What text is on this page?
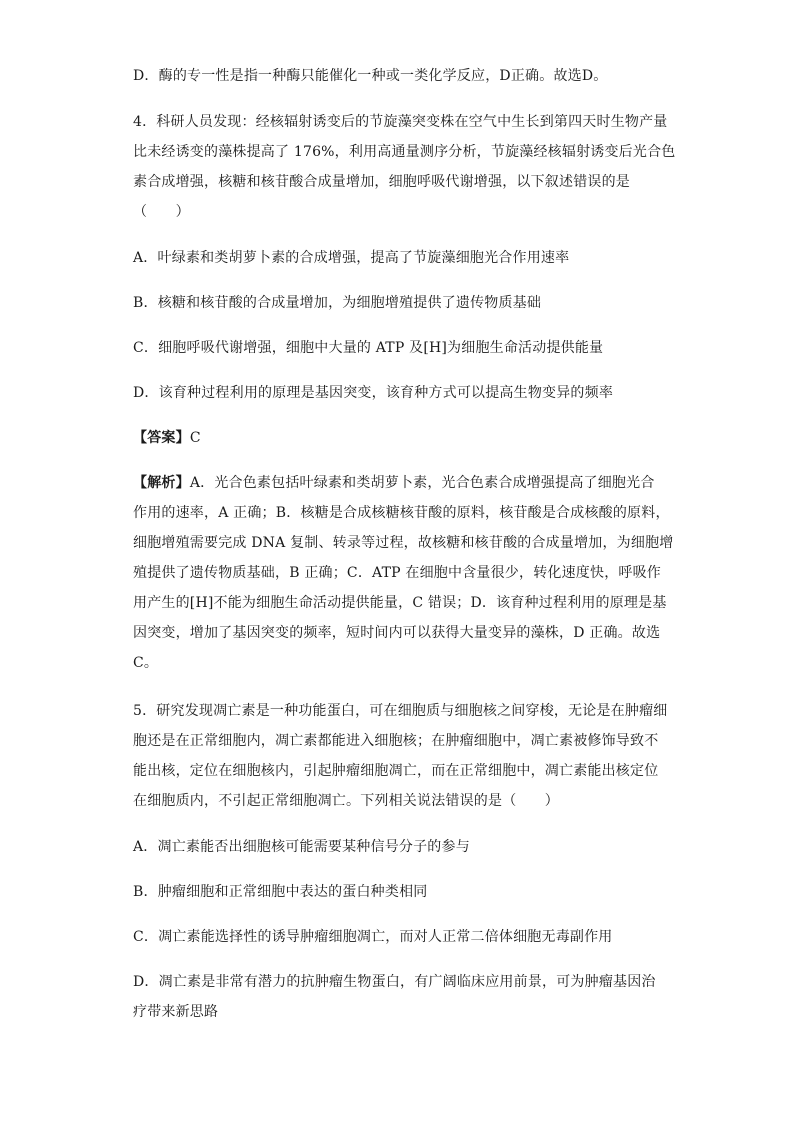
D．酶的专一性是指一种酶只能催化一种或一类化学反应，D正确。故选D。
4．科研人员发现：经核辐射诱变后的节旋藻突变株在空气中生长到第四天时生物产量
比未经诱变的藻株提高了 176%，利用高通量测序分析，节旋藻经核辐射诱变后光合色
素合成增强，核糖和核苷酸合成量增加，细胞呼吸代谢增强，以下叙述错误的是
（　　）
A．叶绿素和类胡萝卜素的合成增强，提高了节旋藻细胞光合作用速率
B．核糖和核苷酸的合成量增加，为细胞增殖提供了遗传物质基础
C．细胞呼吸代谢增强，细胞中大量的 ATP 及[H]为细胞生命活动提供能量
D．该育种过程利用的原理是基因突变，该育种方式可以提高生物变异的频率
【答案】C
【解析】A．光合色素包括叶绿素和类胡萝卜素，光合色素合成增强提高了细胞光合
作用的速率，A 正确；B．核糖是合成核糖核苷酸的原料，核苷酸是合成核酸的原料，
细胞增殖需要完成 DNA 复制、转录等过程，故核糖和核苷酸的合成量增加，为细胞增
殖提供了遗传物质基础，B 正确；C．ATP 在细胞中含量很少，转化速度快，呼吸作
用产生的[H]不能为细胞生命活动提供能量，C 错误；D．该育种过程利用的原理是基
因突变，增加了基因突变的频率，短时间内可以获得大量变异的藻株，D 正确。故选
C。
5．研究发现凋亡素是一种功能蛋白，可在细胞质与细胞核之间穿梭，无论是在肿瘤细
胞还是在正常细胞内，凋亡素都能进入细胞核；在肿瘤细胞中，凋亡素被修饰导致不
能出核，定位在细胞核内，引起肿瘤细胞凋亡，而在正常细胞中，凋亡素能出核定位
在细胞质内，不引起正常细胞凋亡。下列相关说法错误的是（　　）
A．凋亡素能否出细胞核可能需要某种信号分子的参与
B．肿瘤细胞和正常细胞中表达的蛋白种类相同
C．凋亡素能选择性的诱导肿瘤细胞凋亡，而对人正常二倍体细胞无毒副作用
D．凋亡素是非常有潜力的抗肿瘤生物蛋白，有广阔临床应用前景，可为肿瘤基因治
疗带来新思路
